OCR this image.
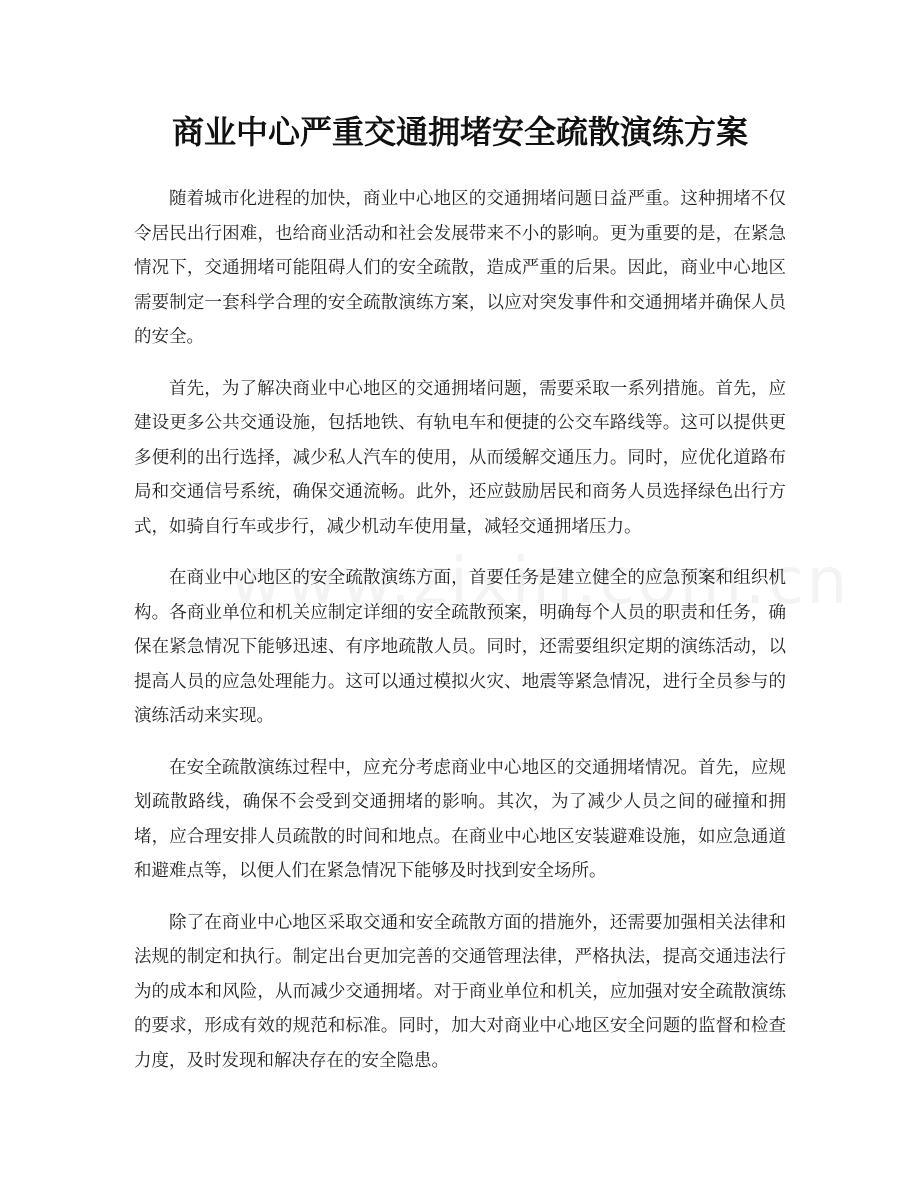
商业中心严重交通拥堵安全疏散演练方案

随着城市化进程的加快，商业中心地区的交通拥堵问题日益严重。这种拥堵不仅令居民出行困难，也给商业活动和社会发展带来不小的影响。更为重要的是，在紧急情况下，交通拥堵可能阻碍人们的安全疏散，造成严重的后果。因此，商业中心地区需要制定一套科学合理的安全疏散演练方案，以应对突发事件和交通拥堵并确保人员的安全。

首先，为了解决商业中心地区的交通拥堵问题，需要采取一系列措施。首先，应建设更多公共交通设施，包括地铁、有轨电车和便捷的公交车路线等。这可以提供更多便利的出行选择，减少私人汽车的使用，从而缓解交通压力。同时，应优化道路布局和交通信号系统，确保交通流畅。此外，还应鼓励居民和商务人员选择绿色出行方式，如骑自行车或步行，减少机动车使用量，减轻交通拥堵压力。

在商业中心地区的安全疏散演练方面，首要任务是建立健全的应急预案和组织机构。各商业单位和机关应制定详细的安全疏散预案，明确每个人员的职责和任务，确保在紧急情况下能够迅速、有序地疏散人员。同时，还需要组织定期的演练活动，以提高人员的应急处理能力。这可以通过模拟火灾、地震等紧急情况，进行全员参与的演练活动来实现。

在安全疏散演练过程中，应充分考虑商业中心地区的交通拥堵情况。首先，应规划疏散路线，确保不会受到交通拥堵的影响。其次，为了减少人员之间的碰撞和拥堵，应合理安排人员疏散的时间和地点。在商业中心地区安装避难设施，如应急通道和避难点等，以便人们在紧急情况下能够及时找到安全场所。

除了在商业中心地区采取交通和安全疏散方面的措施外，还需要加强相关法律和法规的制定和执行。制定出台更加完善的交通管理法律，严格执法，提高交通违法行为的成本和风险，从而减少交通拥堵。对于商业单位和机关，应加强对安全疏散演练的要求，形成有效的规范和标准。同时，加大对商业中心地区安全问题的监督和检查力度，及时发现和解决存在的安全隐患。
